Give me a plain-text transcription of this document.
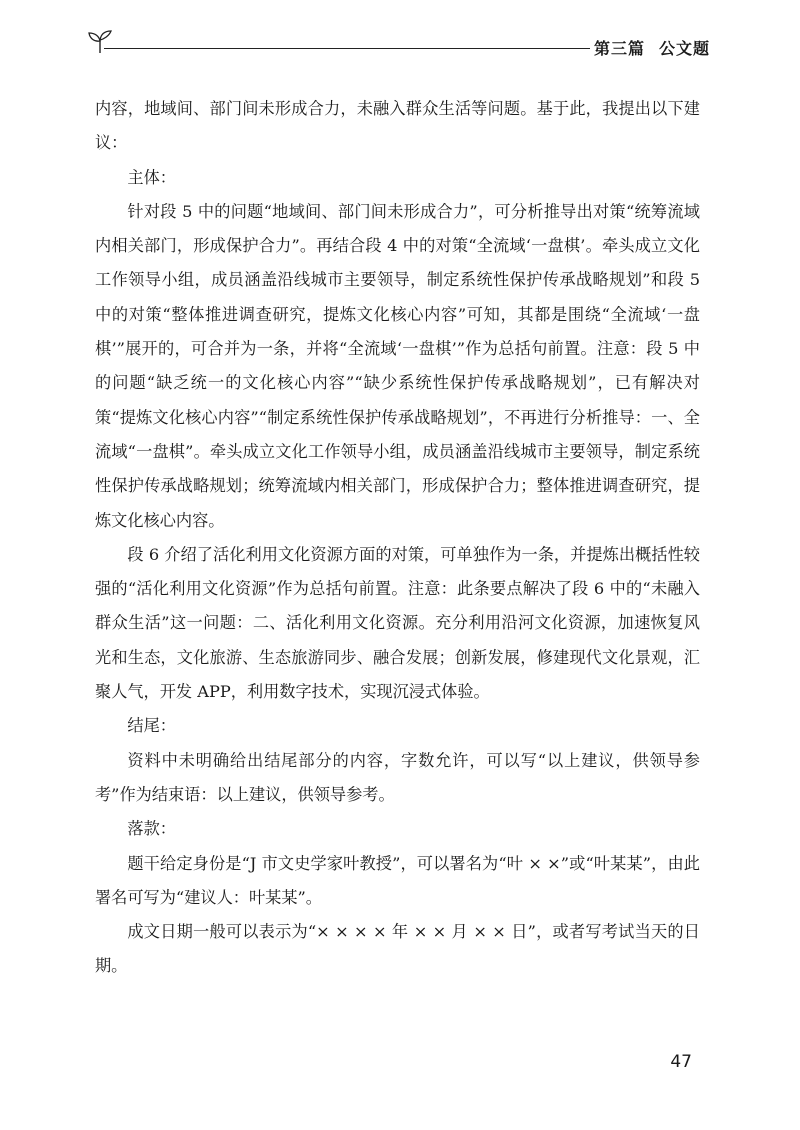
第三篇 公文题

内容，地域间、部门间未形成合力，未融入群众生活等问题。基于此，我提出以下建议：

主体：

针对段 5 中的问题“地域间、部门间未形成合力”，可分析推导出对策“统筹流域内相关部门，形成保护合力”。再结合段 4 中的对策“全流域‘一盘棋’。牵头成立文化工作领导小组，成员涵盖沿线城市主要领导，制定系统性保护传承战略规划”和段 5 中的对策“整体推进调查研究，提炼文化核心内容”可知，其都是围绕“全流域‘一盘棋’”展开的，可合并为一条，并将“全流域‘一盘棋’”作为总括句前置。注意：段 5 中的问题“缺乏统一的文化核心内容”“缺少系统性保护传承战略规划”，已有解决对策“提炼文化核心内容”“制定系统性保护传承战略规划”，不再进行分析推导：一、全流域“一盘棋”。牵头成立文化工作领导小组，成员涵盖沿线城市主要领导，制定系统性保护传承战略规划；统筹流域内相关部门，形成保护合力；整体推进调查研究，提炼文化核心内容。

段 6 介绍了活化利用文化资源方面的对策，可单独作为一条，并提炼出概括性较强的“活化利用文化资源”作为总括句前置。注意：此条要点解决了段 6 中的“未融入群众生活”这一问题：二、活化利用文化资源。充分利用沿河文化资源，加速恢复风光和生态，文化旅游、生态旅游同步、融合发展；创新发展，修建现代文化景观，汇聚人气，开发 APP，利用数字技术，实现沉浸式体验。

结尾：

资料中未明确给出结尾部分的内容，字数允许，可以写“以上建议，供领导参考”作为结束语：以上建议，供领导参考。

落款：

题干给定身份是“J 市文史学家叶教授”，可以署名为“叶 × ×”或“叶某某”，由此署名可写为“建议人：叶某某”。

成文日期一般可以表示为“× × × × 年 × × 月 × × 日”，或者写考试当天的日期。

47
